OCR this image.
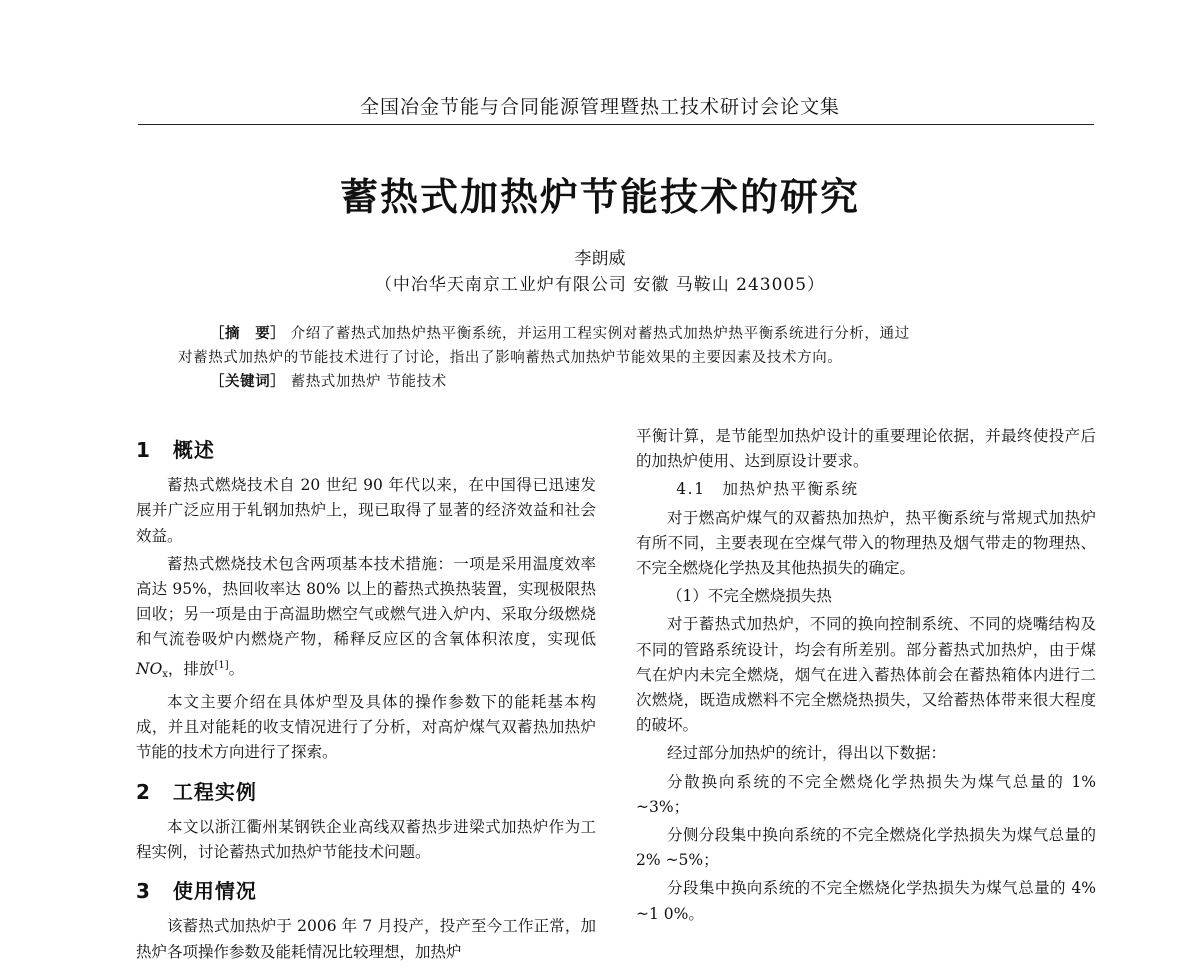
全国冶金节能与合同能源管理暨热工技术研讨会论文集
蓄热式加热炉节能技术的研究
李朗威
（中冶华天南京工业炉有限公司 安徽 马鞍山 243005）
［摘　要］ 介绍了蓄热式加热炉热平衡系统，并运用工程实例对蓄热式加热炉热平衡系统进行分析，通过
对蓄热式加热炉的节能技术进行了讨论，指出了影响蓄热式加热炉节能效果的主要因素及技术方向。
［关键词］ 蓄热式加热炉 节能技术
1 概述

蓄热式燃烧技术自 20 世纪 90 年代以来，在中国得已迅速发展并广泛应用于轧钢加热炉上，现已取得了显著的经济效益和社会效益。

蓄热式燃烧技术包含两项基本技术措施：一项是采用温度效率高达 95%，热回收率达 80% 以上的蓄热式换热装置，实现极限热回收；另一项是由于高温助燃空气或燃气进入炉内、采取分级燃烧和气流卷吸炉内燃烧产物，稀释反应区的含氧体积浓度，实现低 $NO_x$，排放[1]。

本文主要介绍在具体炉型及具体的操作参数下的能耗基本构成，并且对能耗的收支情况进行了分析，对高炉煤气双蓄热加热炉节能的技术方向进行了探索。

2 工程实例

本文以浙江衢州某钢铁企业高线双蓄热步进梁式加热炉作为工程实例，讨论蓄热式加热炉节能技术问题。

3 使用情况

该蓄热式加热炉于 2006 年 7 月投产，投产至今工作正常，加热炉各项操作参数及能耗情况比较理想，加热炉

平衡计算，是节能型加热炉设计的重要理论依据，并最终使投产后的加热炉使用、达到原设计要求。

4.1　加热炉热平衡系统

对于燃高炉煤气的双蓄热加热炉，热平衡系统与常规式加热炉有所不同，主要表现在空煤气带入的物理热及烟气带走的物理热、不完全燃烧化学热及其他热损失的确定。

（1）不完全燃烧损失热

对于蓄热式加热炉，不同的换向控制系统、不同的烧嘴结构及不同的管路系统设计，均会有所差别。部分蓄热式加热炉，由于煤气在炉内未完全燃烧，烟气在进入蓄热体前会在蓄热箱体内进行二次燃烧，既造成燃料不完全燃烧热损失，又给蓄热体带来很大程度的破坏。

经过部分加热炉的统计，得出以下数据：

分散换向系统的不完全燃烧化学热损失为煤气总量的 1% ~3%；

分侧分段集中换向系统的不完全燃烧化学热损失为煤气总量的 2% ~5%；

分段集中换向系统的不完全燃烧化学热损失为煤气总量的 4% ~1 0%。
